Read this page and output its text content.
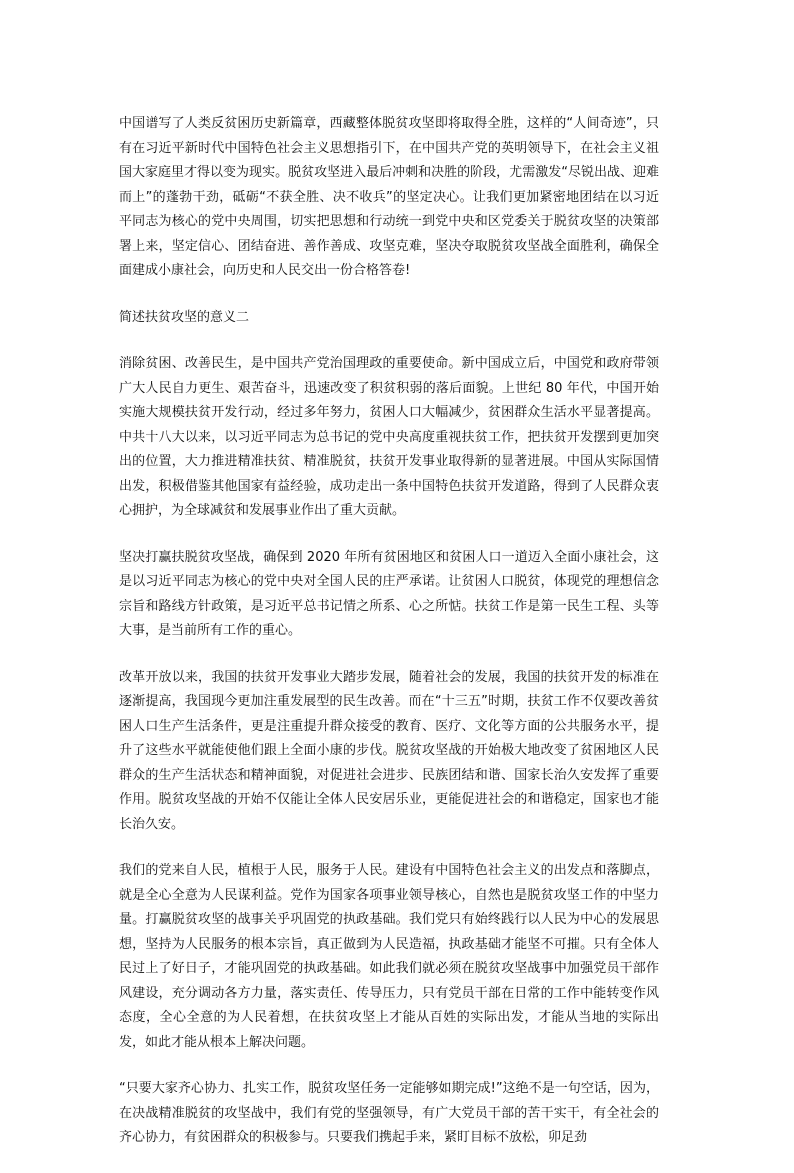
中国谱写了人类反贫困历史新篇章，西藏整体脱贫攻坚即将取得全胜，这样的“人间奇迹”，只有在习近平新时代中国特色社会主义思想指引下，在中国共产党的英明领导下，在社会主义祖国大家庭里才得以变为现实。脱贫攻坚进入最后冲刺和决胜的阶段，尤需激发“尽锐出战、迎难而上”的蓬勃干劲，砥砺“不获全胜、决不收兵”的坚定决心。让我们更加紧密地团结在以习近平同志为核心的党中央周围，切实把思想和行动统一到党中央和区党委关于脱贫攻坚的决策部署上来，坚定信心、团结奋进、善作善成、攻坚克难，坚决夺取脱贫攻坚战全面胜利，确保全面建成小康社会，向历史和人民交出一份合格答卷!

简述扶贫攻坚的意义二

消除贫困、改善民生，是中国共产党治国理政的重要使命。新中国成立后，中国党和政府带领广大人民自力更生、艰苦奋斗，迅速改变了积贫积弱的落后面貌。上世纪 80 年代，中国开始实施大规模扶贫开发行动，经过多年努力，贫困人口大幅减少，贫困群众生活水平显著提高。中共十八大以来，以习近平同志为总书记的党中央高度重视扶贫工作，把扶贫开发摆到更加突出的位置，大力推进精准扶贫、精准脱贫，扶贫开发事业取得新的显著进展。中国从实际国情出发，积极借鉴其他国家有益经验，成功走出一条中国特色扶贫开发道路，得到了人民群众衷心拥护，为全球减贫和发展事业作出了重大贡献。

坚决打赢扶脱贫攻坚战，确保到 2020 年所有贫困地区和贫困人口一道迈入全面小康社会，这是以习近平同志为核心的党中央对全国人民的庄严承诺。让贫困人口脱贫，体现党的理想信念宗旨和路线方针政策，是习近平总书记情之所系、心之所惦。扶贫工作是第一民生工程、头等大事，是当前所有工作的重心。

改革开放以来，我国的扶贫开发事业大踏步发展，随着社会的发展，我国的扶贫开发的标准在逐渐提高，我国现今更加注重发展型的民生改善。而在“十三五”时期，扶贫工作不仅要改善贫困人口生产生活条件，更是注重提升群众接受的教育、医疗、文化等方面的公共服务水平，提升了这些水平就能使他们跟上全面小康的步伐。脱贫攻坚战的开始极大地改变了贫困地区人民群众的生产生活状态和精神面貌，对促进社会进步、民族团结和谐、国家长治久安发挥了重要作用。脱贫攻坚战的开始不仅能让全体人民安居乐业，更能促进社会的和谐稳定，国家也才能长治久安。

我们的党来自人民，植根于人民，服务于人民。建设有中国特色社会主义的出发点和落脚点，就是全心全意为人民谋利益。党作为国家各项事业领导核心，自然也是脱贫攻坚工作的中坚力量。打赢脱贫攻坚的战事关乎巩固党的执政基础。我们党只有始终践行以人民为中心的发展思想，坚持为人民服务的根本宗旨，真正做到为人民造福，执政基础才能坚不可摧。只有全体人民过上了好日子，才能巩固党的执政基础。如此我们就必须在脱贫攻坚战事中加强党员干部作风建设，充分调动各方力量，落实责任、传导压力，只有党员干部在日常的工作中能转变作风态度，全心全意的为人民着想，在扶贫攻坚上才能从百姓的实际出发，才能从当地的实际出发，如此才能从根本上解决问题。

“只要大家齐心协力、扎实工作，脱贫攻坚任务一定能够如期完成!”这绝不是一句空话，因为，在决战精准脱贫的攻坚战中，我们有党的坚强领导，有广大党员干部的苦干实干，有全社会的齐心协力，有贫困群众的积极参与。只要我们携起手来，紧盯目标不放松，卯足劲
